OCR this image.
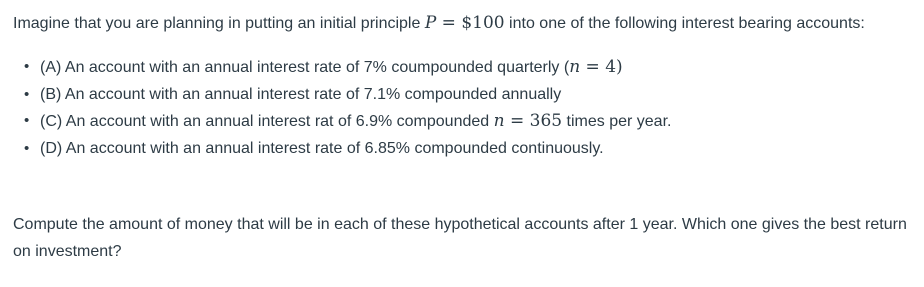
Imagine that you are planning in putting an initial principle P = $100 into one of the following interest bearing accounts:

• (A) An account with an annual interest rate of 7% coumpounded quarterly (n = 4)
• (B) An account with an annual interest rate of 7.1% compounded annually
• (C) An account with an annual interest rat of 6.9% compounded n = 365 times per year.
• (D) An account with an annual interest rate of 6.85% compounded continuously.

Compute the amount of money that will be in each of these hypothetical accounts after 1 year. Which one gives the best return on investment?
